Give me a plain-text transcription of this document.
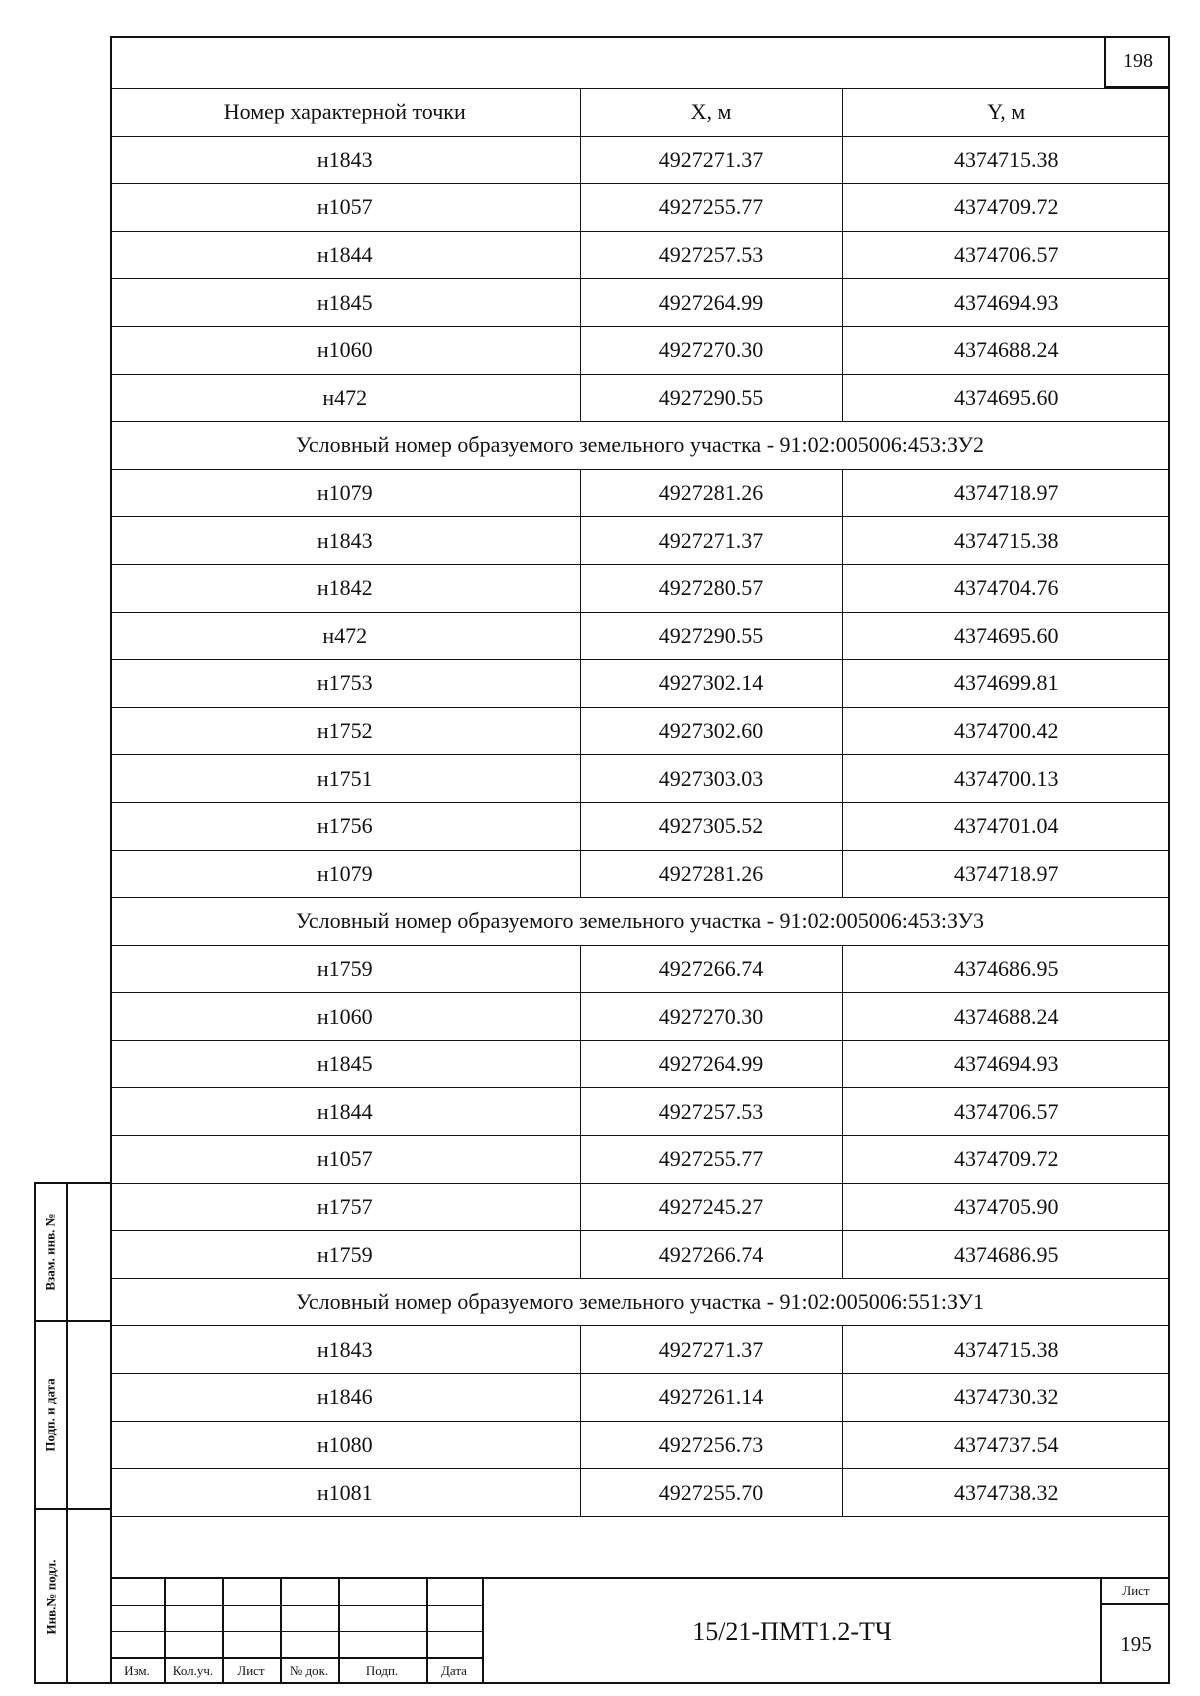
198
Номер характерной точки	X, м	Y, м
н1843	4927271.37	4374715.38
н1057	4927255.77	4374709.72
н1844	4927257.53	4374706.57
н1845	4927264.99	4374694.93
н1060	4927270.30	4374688.24
н472	4927290.55	4374695.60
Условный номер образуемого земельного участка - 91:02:005006:453:ЗУ2		
н1079	4927281.26	4374718.97
н1843	4927271.37	4374715.38
н1842	4927280.57	4374704.76
н472	4927290.55	4374695.60
н1753	4927302.14	4374699.81
н1752	4927302.60	4374700.42
н1751	4927303.03	4374700.13
н1756	4927305.52	4374701.04
н1079	4927281.26	4374718.97
Условный номер образуемого земельного участка - 91:02:005006:453:ЗУ3		
н1759	4927266.74	4374686.95
н1060	4927270.30	4374688.24
н1845	4927264.99	4374694.93
н1844	4927257.53	4374706.57
н1057	4927255.77	4374709.72
н1757	4927245.27	4374705.90
н1759	4927266.74	4374686.95
Условный номер образуемого земельного участка - 91:02:005006:551:ЗУ1		
н1843	4927271.37	4374715.38
н1846	4927261.14	4374730.32
н1080	4927256.73	4374737.54
н1081	4927255.70	4374738.32
Взам. инв. №
Подп. и дата
Инв.№ подл.
Изм.	Кол.уч.	Лист	№ док.	Подп.	Дата
15/21-ПМТ1.2-ТЧ
Лист
195
